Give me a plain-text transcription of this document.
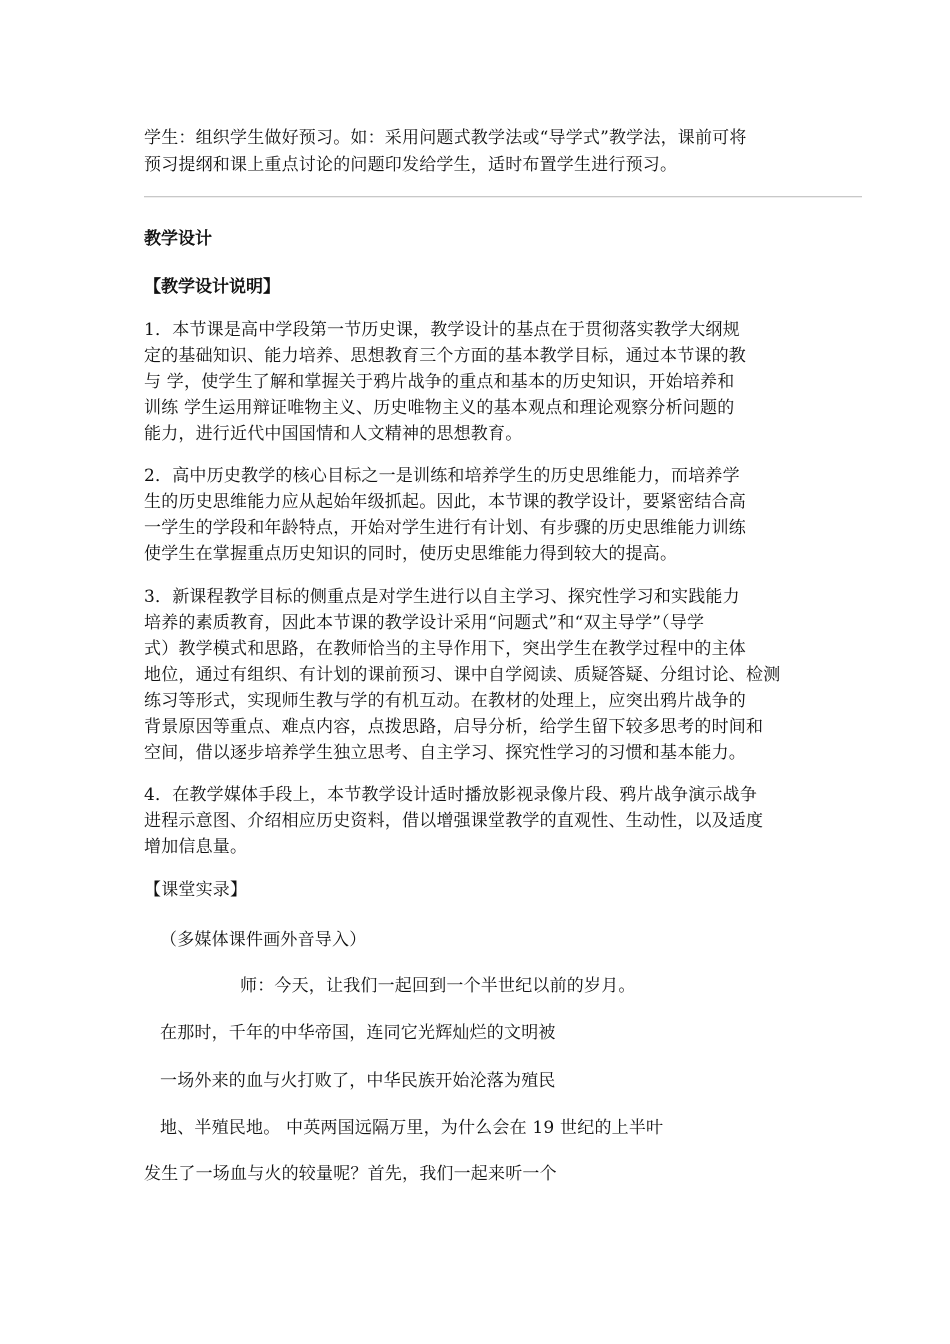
学生：组织学生做好预习。如：采用问题式教学法或“导学式”教学法，课前可将
预习提纲和课上重点讨论的问题印发给学生，适时布置学生进行预习。
教学设计
【教学设计说明】
1．本节课是高中学段第一节历史课，教学设计的基点在于贯彻落实教学大纲规
定的基础知识、能力培养、思想教育三个方面的基本教学目标，通过本节课的教
与 学，使学生了解和掌握关于鸦片战争的重点和基本的历史知识，开始培养和
训练 学生运用辩证唯物主义、历史唯物主义的基本观点和理论观察分析问题的
能力，进行近代中国国情和人文精神的思想教育。
2．高中历史教学的核心目标之一是训练和培养学生的历史思维能力，而培养学
生的历史思维能力应从起始年级抓起。因此，本节课的教学设计，要紧密结合高
一学生的学段和年龄特点，开始对学生进行有计划、有步骤的历史思维能力训练
使学生在掌握重点历史知识的同时，使历史思维能力得到较大的提高。
3．新课程教学目标的侧重点是对学生进行以自主学习、探究性学习和实践能力
培养的素质教育，因此本节课的教学设计采用“问题式”和“双主导学”（导学
式）教学模式和思路，在教师恰当的主导作用下，突出学生在教学过程中的主体
地位，通过有组织、有计划的课前预习、课中自学阅读、质疑答疑、分组讨论、检测
练习等形式，实现师生教与学的有机互动。在教材的处理上，应突出鸦片战争的
背景原因等重点、难点内容，点拨思路，启导分析，给学生留下较多思考的时间和
空间，借以逐步培养学生独立思考、自主学习、探究性学习的习惯和基本能力。
4．在教学媒体手段上，本节教学设计适时播放影视录像片段、鸦片战争演示战争
进程示意图、介绍相应历史资料，借以增强课堂教学的直观性、生动性，以及适度
增加信息量。
【课堂实录】
（多媒体课件画外音导入）
师：今天，让我们一起回到一个半世纪以前的岁月。
在那时，千年的中华帝国，连同它光辉灿烂的文明被
一场外来的血与火打败了，中华民族开始沦落为殖民
地、半殖民地。 中英两国远隔万里，为什么会在 19 世纪的上半叶
发生了一场血与火的较量呢？首先，我们一起来听一个
